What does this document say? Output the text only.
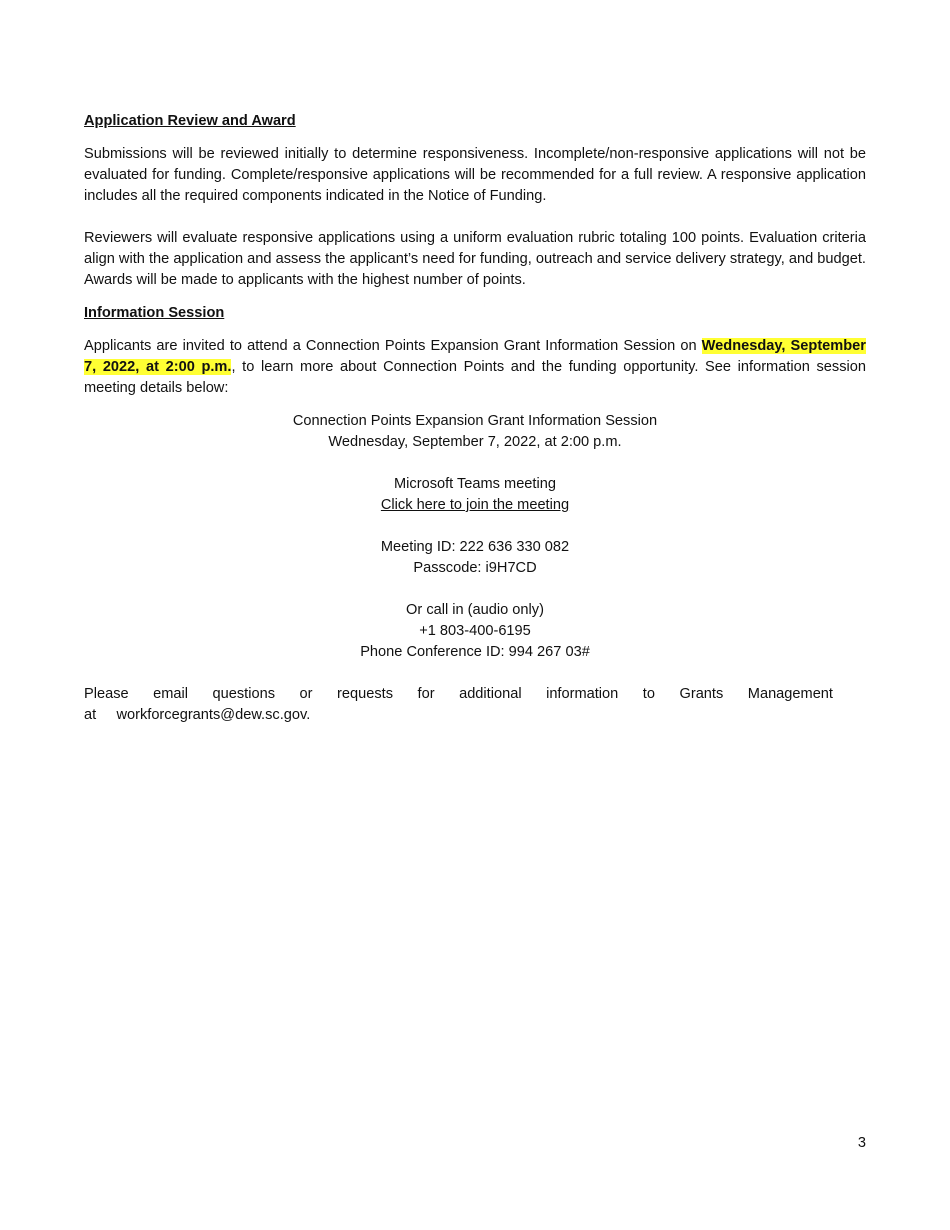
Application Review and Award

Submissions will be reviewed initially to determine responsiveness. Incomplete/non-responsive applications will not be evaluated for funding. Complete/responsive applications will be recommended for a full review. A responsive application includes all the required components indicated in the Notice of Funding.

Reviewers will evaluate responsive applications using a uniform evaluation rubric totaling 100 points. Evaluation criteria align with the application and assess the applicant’s need for funding, outreach and service delivery strategy, and budget. Awards will be made to applicants with the highest number of points.

Information Session

Applicants are invited to attend a Connection Points Expansion Grant Information Session on Wednesday, September 7, 2022, at 2:00 p.m., to learn more about Connection Points and the funding opportunity. See information session meeting details below:

Connection Points Expansion Grant Information Session
Wednesday, September 7, 2022, at 2:00 p.m.
Microsoft Teams meeting
Click here to join the meeting
Meeting ID: 222 636 330 082
Passcode: i9H7CD
Or call in (audio only)
+1 803-400-6195
Phone Conference ID: 994 267 03#
Please email questions or requests for additional information to Grants Management
at workforcegrants@dew.sc.gov.
3
